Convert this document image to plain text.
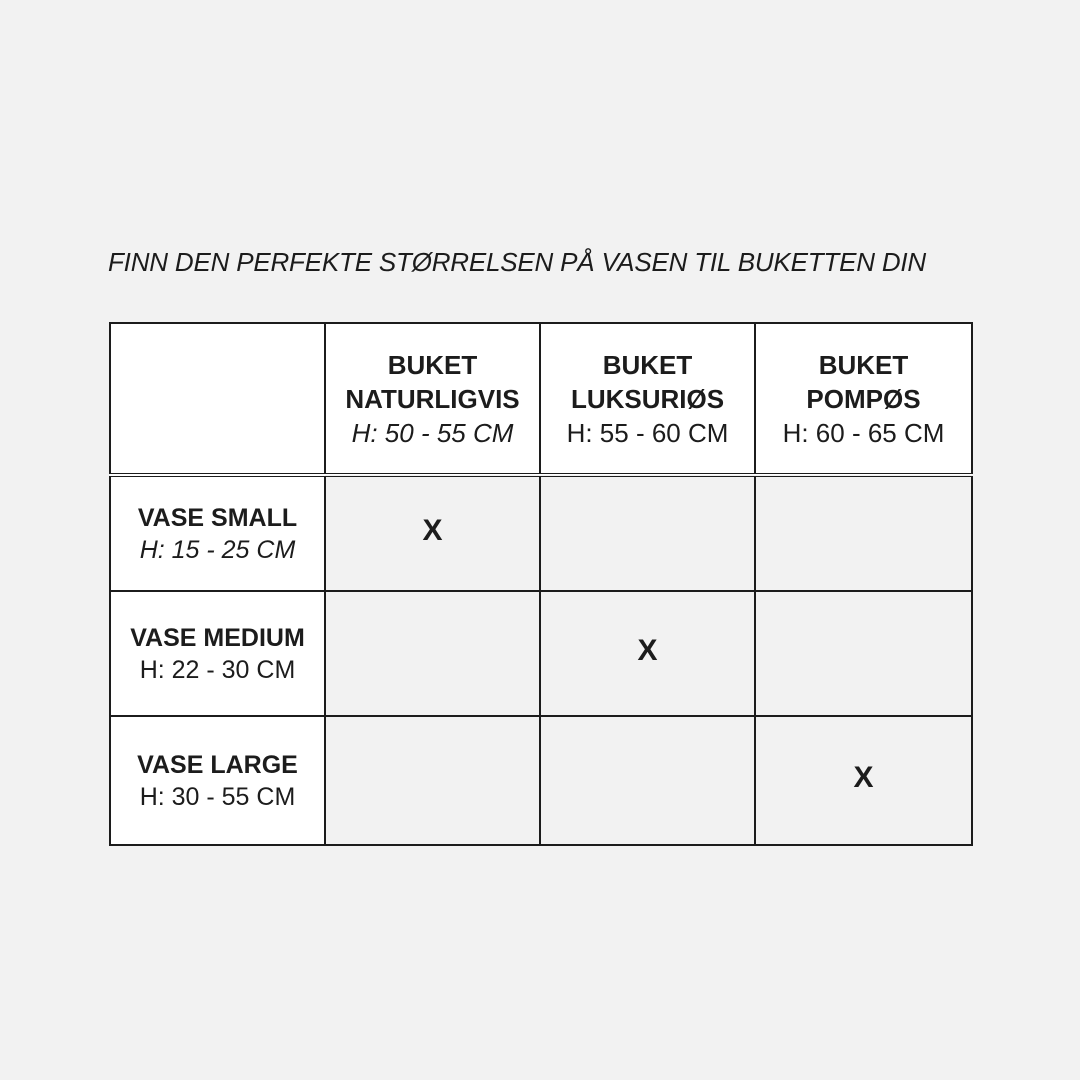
FINN DEN PERFEKTE STØRRELSEN PÅ VASEN TIL BUKETTEN DIN

	BUKET
NATURLIGVIS
H: 50 - 55 CM	BUKET
LUKSURIØS
H: 55 - 60 CM	BUKET
POMPØS
H: 60 - 65 CM

VASE SMALL
H: 15 - 25 CM	X		

VASE MEDIUM
H: 22 - 30 CM		X	

VASE LARGE
H: 30 - 55 CM			X
